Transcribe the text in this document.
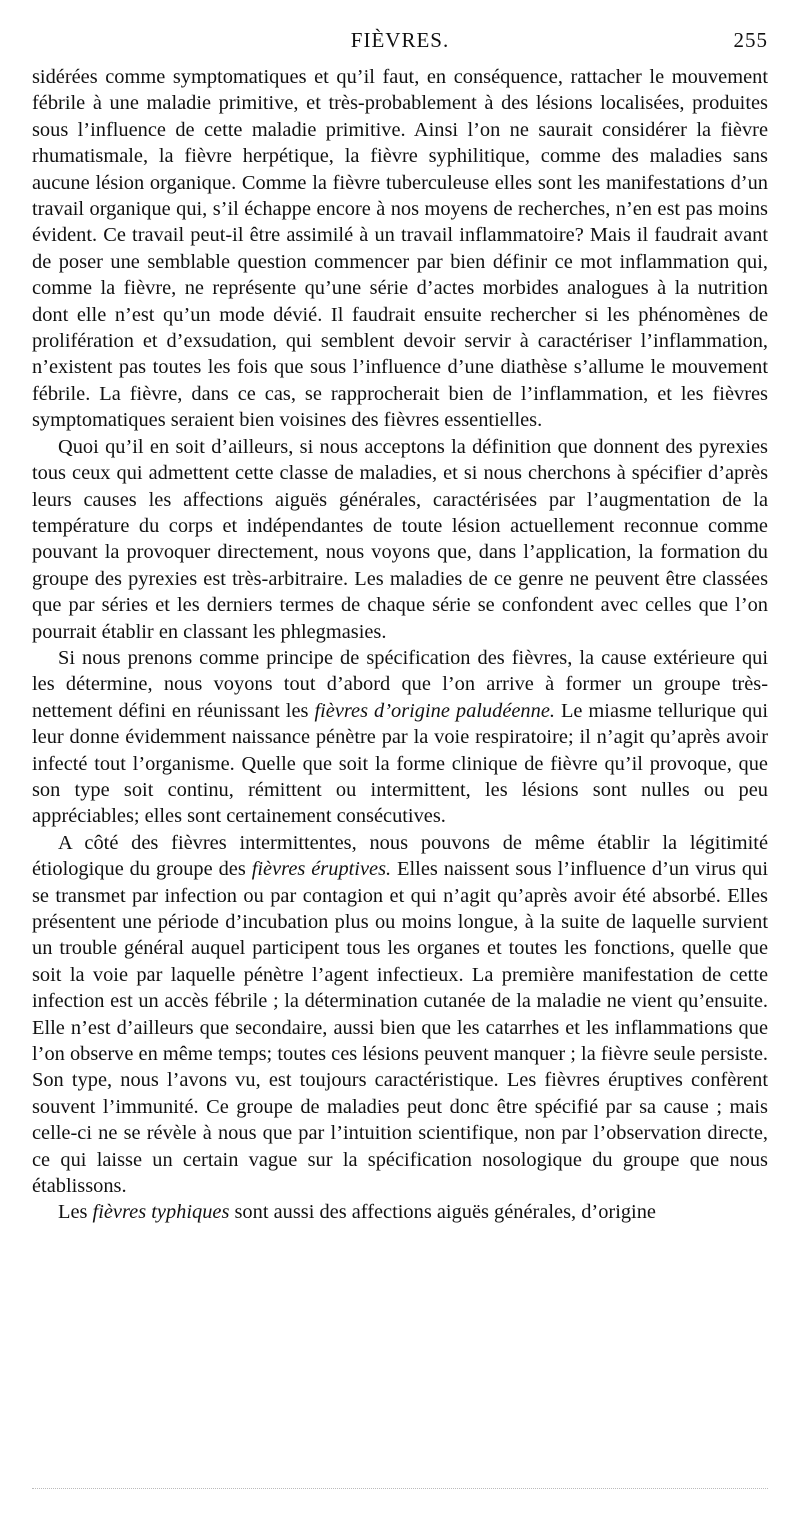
FIÈVRES.	255

sidérées comme symptomatiques et qu’il faut, en conséquence, rattacher le mouvement fébrile à une maladie primitive, et très-probablement à des lésions localisées, produites sous l’influence de cette maladie primitive. Ainsi l’on ne saurait considérer la fièvre rhumatismale, la fièvre herpétique, la fièvre syphilitique, comme des maladies sans aucune lésion organique. Comme la fièvre tuberculeuse elles sont les manifestations d’un travail organique qui, s’il échappe encore à nos moyens de recherches, n’en est pas moins évident. Ce travail peut-il être assimilé à un travail inflammatoire? Mais il faudrait avant de poser une semblable question commencer par bien définir ce mot inflammation qui, comme la fièvre, ne représente qu’une série d’actes morbides analogues à la nutrition dont elle n’est qu’un mode dévié. Il faudrait ensuite rechercher si les phénomènes de prolifération et d’exsudation, qui semblent devoir servir à caractériser l’inflammation, n’existent pas toutes les fois que sous l’influence d’une diathèse s’allume le mouvement fébrile. La fièvre, dans ce cas, se rapprocherait bien de l’inflammation, et les fièvres symptomatiques seraient bien voisines des fièvres essentielles.

Quoi qu’il en soit d’ailleurs, si nous acceptons la définition que donnent des pyrexies tous ceux qui admettent cette classe de maladies, et si nous cherchons à spécifier d’après leurs causes les affections aiguës générales, caractérisées par l’augmentation de la température du corps et indépendantes de toute lésion actuellement reconnue comme pouvant la provoquer directement, nous voyons que, dans l’application, la formation du groupe des pyrexies est très-arbitraire. Les maladies de ce genre ne peuvent être classées que par séries et les derniers termes de chaque série se confondent avec celles que l’on pourrait établir en classant les phlegmasies.

Si nous prenons comme principe de spécification des fièvres, la cause extérieure qui les détermine, nous voyons tout d’abord que l’on arrive à former un groupe très-nettement défini en réunissant les fièvres d’origine paludéenne. Le miasme tellurique qui leur donne évidemment naissance pénètre par la voie respiratoire; il n’agit qu’après avoir infecté tout l’organisme. Quelle que soit la forme clinique de fièvre qu’il provoque, que son type soit continu, rémittent ou intermittent, les lésions sont nulles ou peu appréciables; elles sont certainement consécutives.

A côté des fièvres intermittentes, nous pouvons de même établir la légitimité étiologique du groupe des fièvres éruptives. Elles naissent sous l’influence d’un virus qui se transmet par infection ou par contagion et qui n’agit qu’après avoir été absorbé. Elles présentent une période d’incubation plus ou moins longue, à la suite de laquelle survient un trouble général auquel participent tous les organes et toutes les fonctions, quelle que soit la voie par laquelle pénètre l’agent infectieux. La première manifestation de cette infection est un accès fébrile ; la détermination cutanée de la maladie ne vient qu’ensuite. Elle n’est d’ailleurs que secondaire, aussi bien que les catarrhes et les inflammations que l’on observe en même temps; toutes ces lésions peuvent manquer ; la fièvre seule persiste. Son type, nous l’avons vu, est toujours caractéristique. Les fièvres éruptives confèrent souvent l’immunité. Ce groupe de maladies peut donc être spécifié par sa cause ; mais celle-ci ne se révèle à nous que par l’intuition scientifique, non par l’observation directe, ce qui laisse un certain vague sur la spécification nosologique du groupe que nous établissons.

Les fièvres typhiques sont aussi des affections aiguës générales, d’origine
